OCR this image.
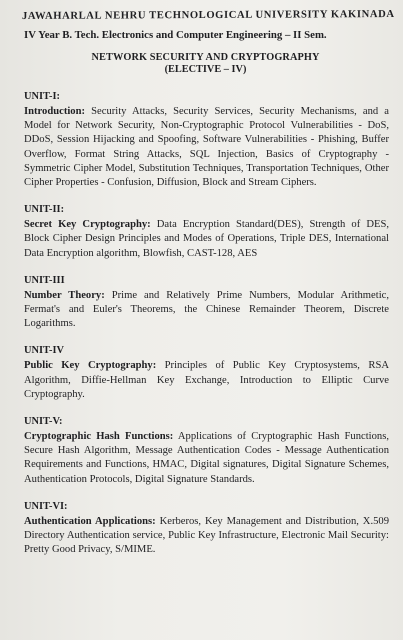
JAWAHARLAL NEHRU TECHNOLOGICAL UNIVERSITY KAKINADA
IV Year B. Tech. Electronics and Computer Engineering – II Sem.
NETWORK SECURITY AND CRYPTOGRAPHY
(ELECTIVE – IV)
UNIT-I:
Introduction: Security Attacks, Security Services, Security Mechanisms, and a Model for Network Security, Non-Cryptographic Protocol Vulnerabilities - DoS, DDoS, Session Hijacking and Spoofing, Software Vulnerabilities - Phishing, Buffer Overflow, Format String Attacks, SQL Injection, Basics of Cryptography - Symmetric Cipher Model, Substitution Techniques, Transportation Techniques, Other Cipher Properties - Confusion, Diffusion, Block and Stream Ciphers.
UNIT-II:
Secret Key Cryptography: Data Encryption Standard(DES), Strength of DES, Block Cipher Design Principles and Modes of Operations, Triple DES, International Data Encryption algorithm, Blowfish, CAST-128, AES
UNIT-III
Number Theory: Prime and Relatively Prime Numbers, Modular Arithmetic, Fermat's and Euler's Theorems, the Chinese Remainder Theorem, Discrete Logarithms.
UNIT-IV
Public Key Cryptography: Principles of Public Key Cryptosystems, RSA Algorithm, Diffie-Hellman Key Exchange, Introduction to Elliptic Curve Cryptography.
UNIT-V:
Cryptographic Hash Functions: Applications of Cryptographic Hash Functions, Secure Hash Algorithm, Message Authentication Codes - Message Authentication Requirements and Functions, HMAC, Digital signatures, Digital Signature Schemes, Authentication Protocols, Digital Signature Standards.
UNIT-VI:
Authentication Applications: Kerberos, Key Management and Distribution, X.509 Directory Authentication service, Public Key Infrastructure, Electronic Mail Security: Pretty Good Privacy, S/MIME.
